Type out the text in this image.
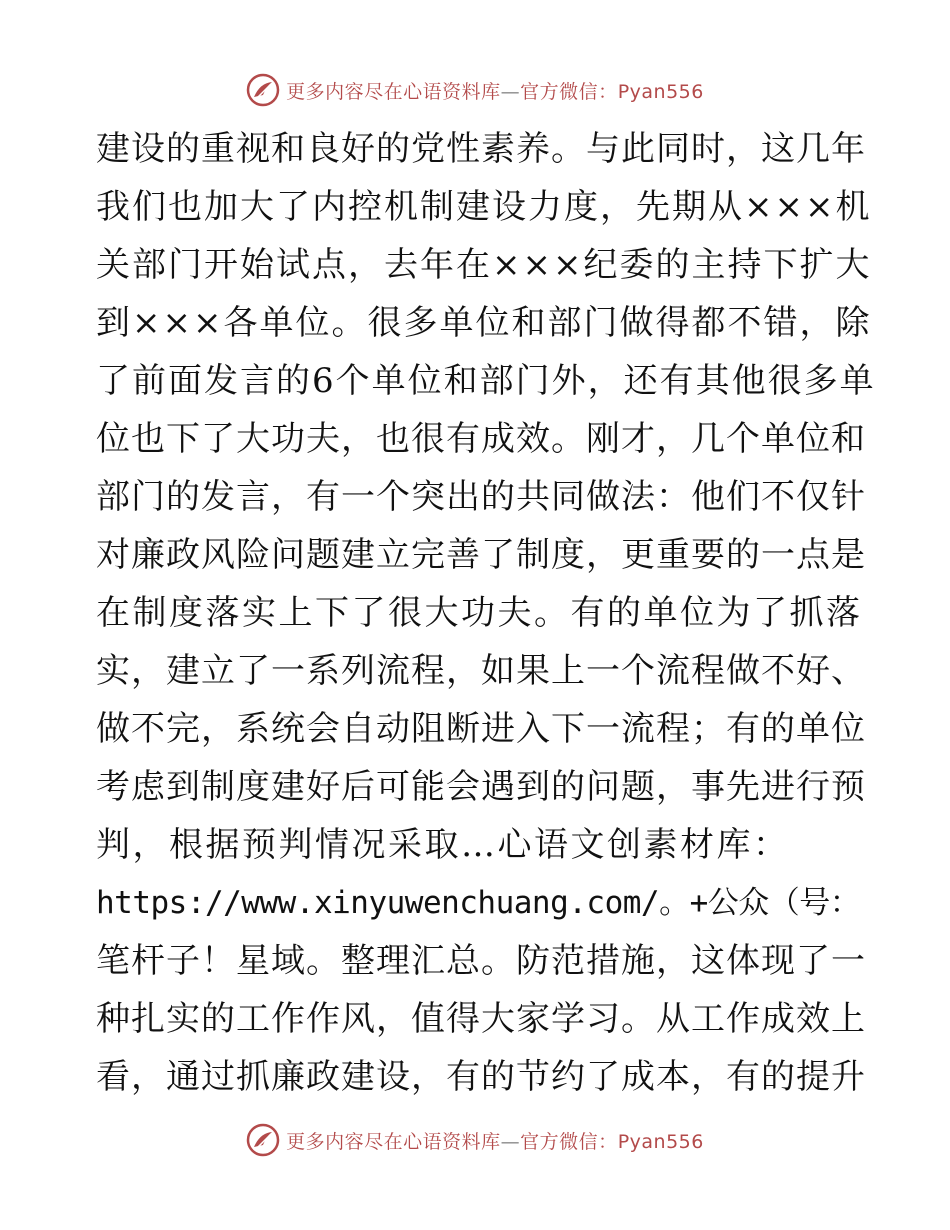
更多内容尽在心语资料库—官方微信：Pyan556
建设的重视和良好的党性素养。与此同时，这几年
我们也加大了内控机制建设力度，先期从×××机
关部门开始试点，去年在×××纪委的主持下扩大
到×××各单位。很多单位和部门做得都不错，除
了前面发言的6个单位和部门外，还有其他很多单
位也下了大功夫，也很有成效。刚才，几个单位和
部门的发言，有一个突出的共同做法：他们不仅针
对廉政风险问题建立完善了制度，更重要的一点是
在制度落实上下了很大功夫。有的单位为了抓落
实，建立了一系列流程，如果上一个流程做不好、
做不完，系统会自动阻断进入下一流程；有的单位
考虑到制度建好后可能会遇到的问题，事先进行预
判，根据预判情况采取…心语文创素材库：
https://www.xinyuwenchuang.com/。+公众（号：
笔杆子！星域。整理汇总。防范措施，这体现了一
种扎实的工作作风，值得大家学习。从工作成效上
看，通过抓廉政建设，有的节约了成本，有的提升
更多内容尽在心语资料库—官方微信：Pyan556
